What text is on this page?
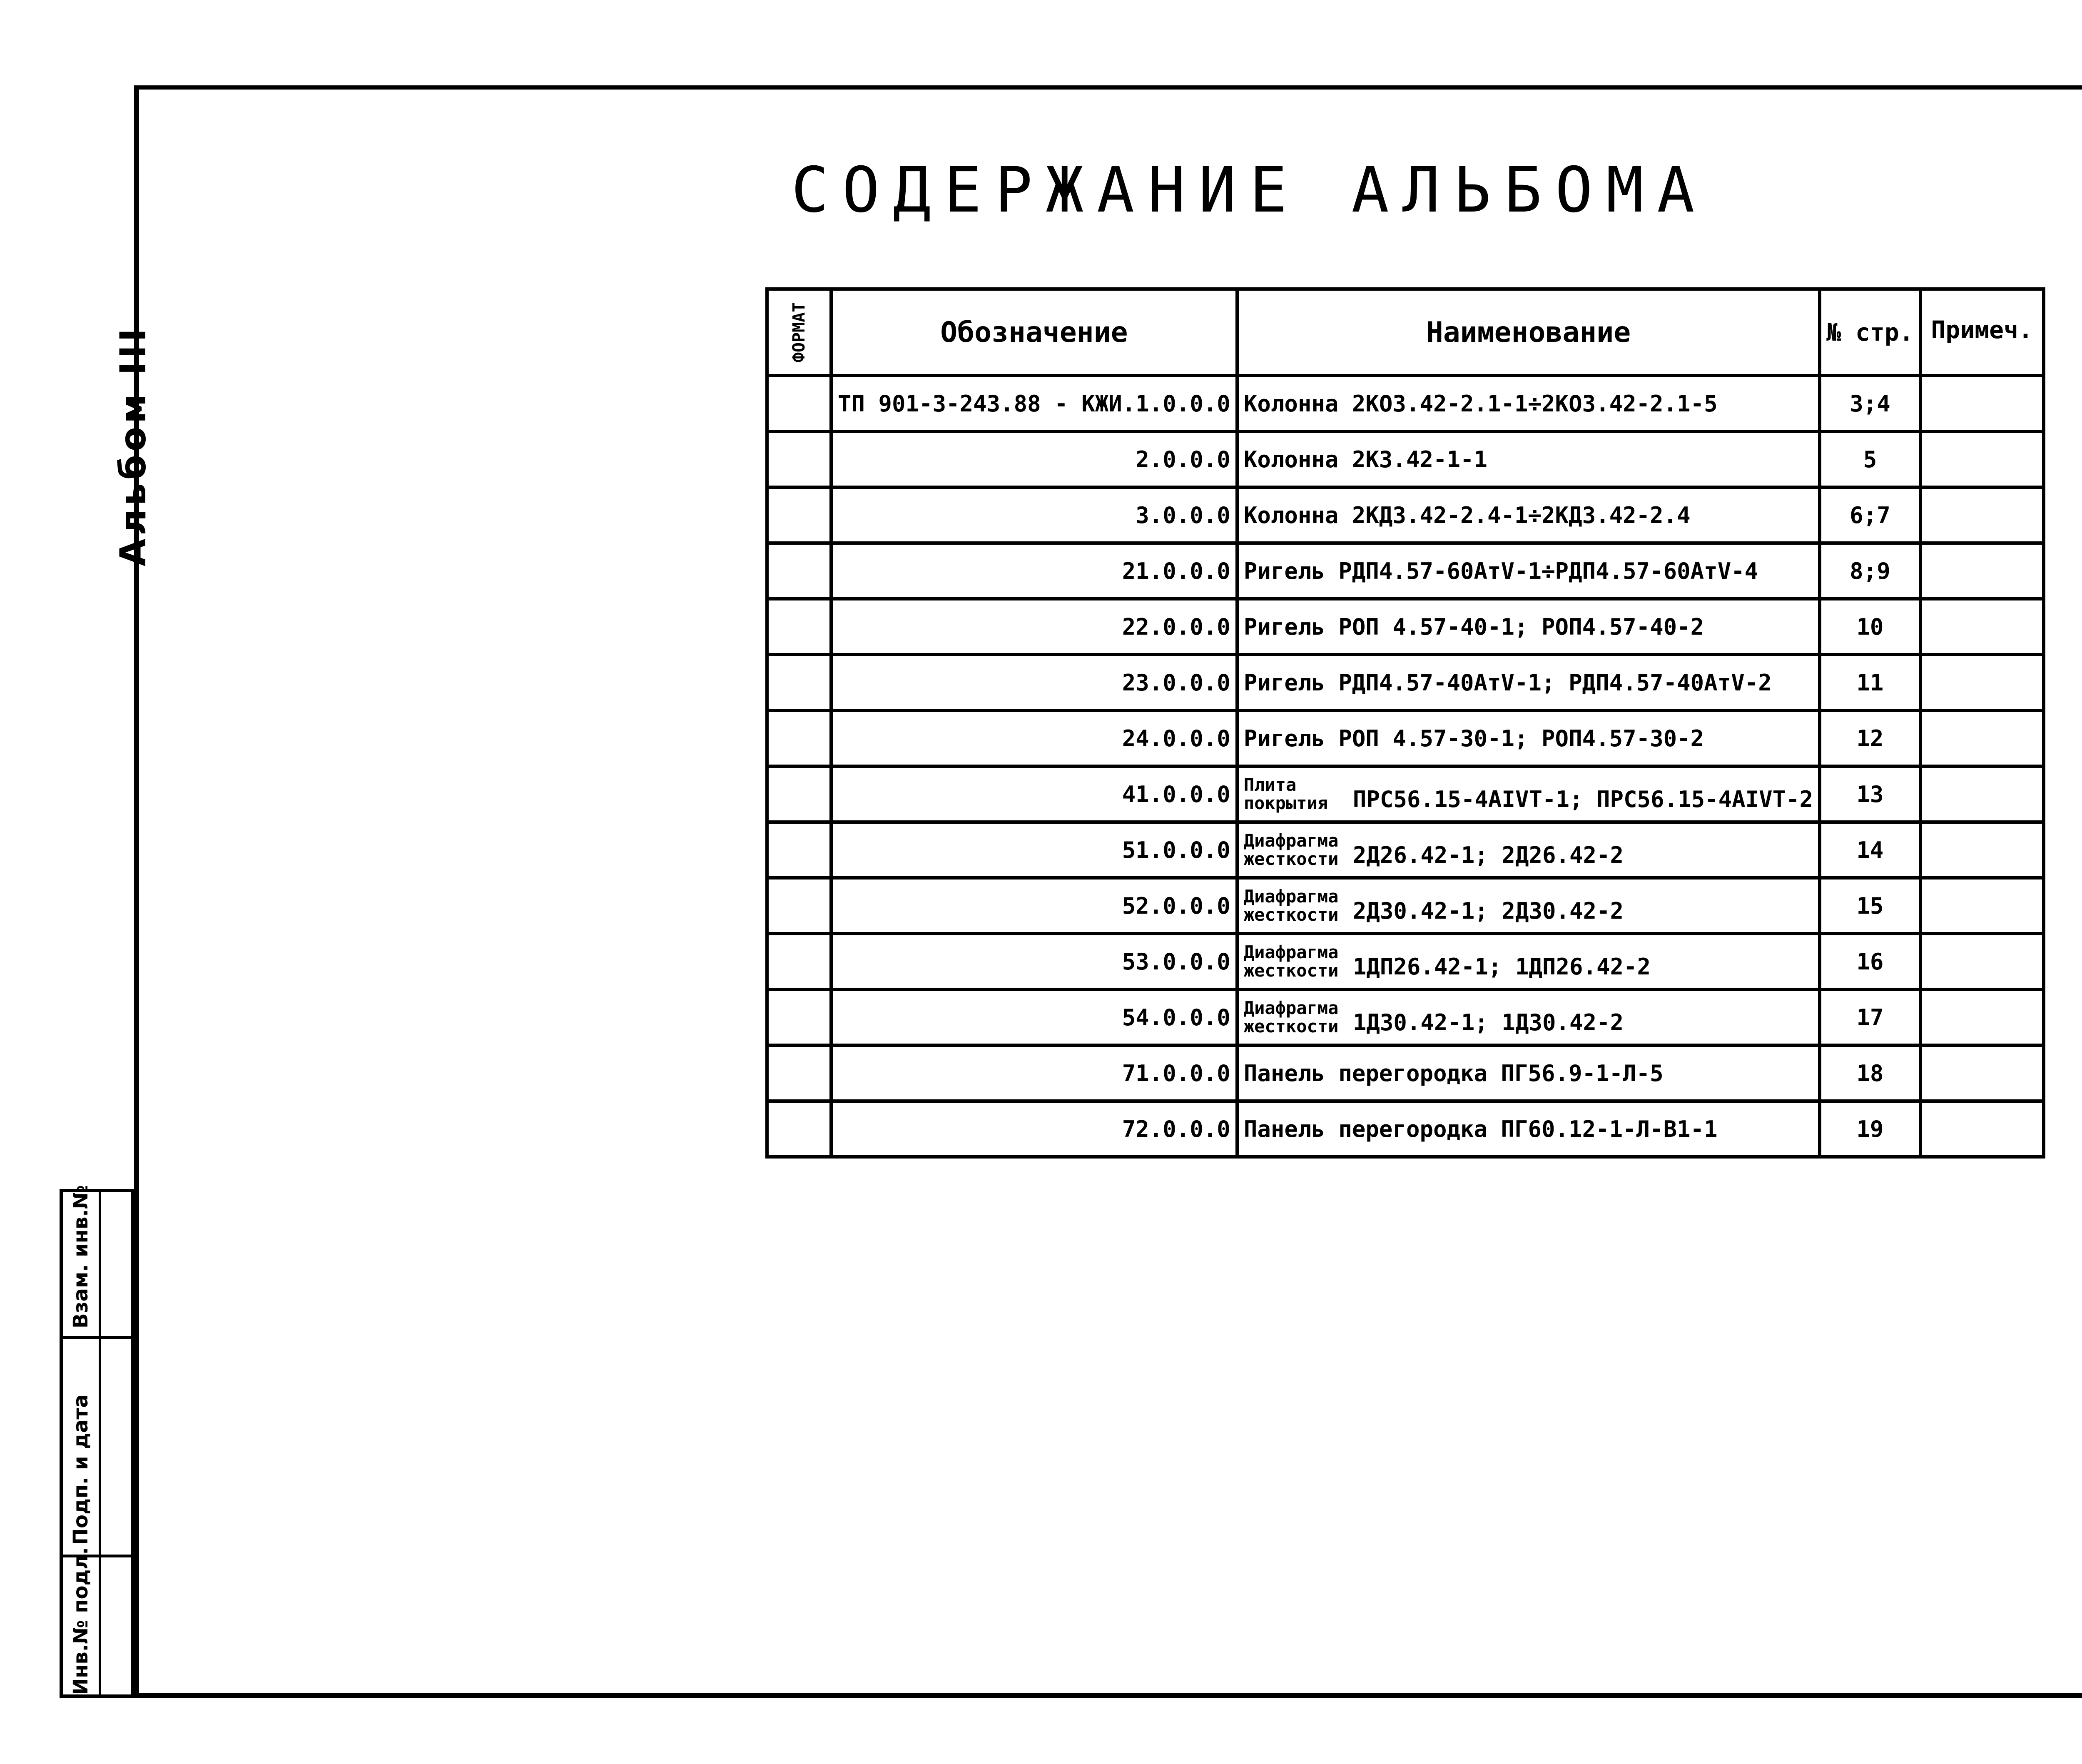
Альбом III
Инв.№ подл.
Подп. и дата
Взам. инв.№
СОДЕРЖАНИЕ АЛЬБОМА
ФОРМАТ	Обозначение	Наименование	№ стр.	Примеч.
	ТП 901-3-243.88 - КЖИ.1.0.0.0	Колонна 2КО3.42-2.1-1÷2КО3.42-2.1-5	3;4	
	2.0.0.0	Колонна 2К3.42-1-1	5	
	3.0.0.0	Колонна 2КД3.42-2.4-1÷2КД3.42-2.4	6;7	
	21.0.0.0	Ригель РДП4.57-60АтV-1÷РДП4.57-60АтV-4	8;9	
	22.0.0.0	Ригель РОП 4.57-40-1; РОП4.57-40-2	10	
	23.0.0.0	Ригель РДП4.57-40АтV-1; РДП4.57-40АтV-2	11	
	24.0.0.0	Ригель РОП 4.57-30-1; РОП4.57-30-2	12	
	41.0.0.0	Плита покрытия ПРС56.15-4АIVТ-1; ПРС56.15-4АIVТ-2	13	
	51.0.0.0	Диафрагма жесткости 2Д26.42-1; 2Д26.42-2	14	
	52.0.0.0	Диафрагма жесткости 2Д30.42-1; 2Д30.42-2	15	
	53.0.0.0	Диафрагма жесткости 1ДП26.42-1; 1ДП26.42-2	16	
	54.0.0.0	Диафрагма жесткости 1Д30.42-1; 1Д30.42-2	17	
	71.0.0.0	Панель перегородка ПГ56.9-1-Л-5	18	
	72.0.0.0	Панель перегородка ПГ60.12-1-Л-В1-1	19	
